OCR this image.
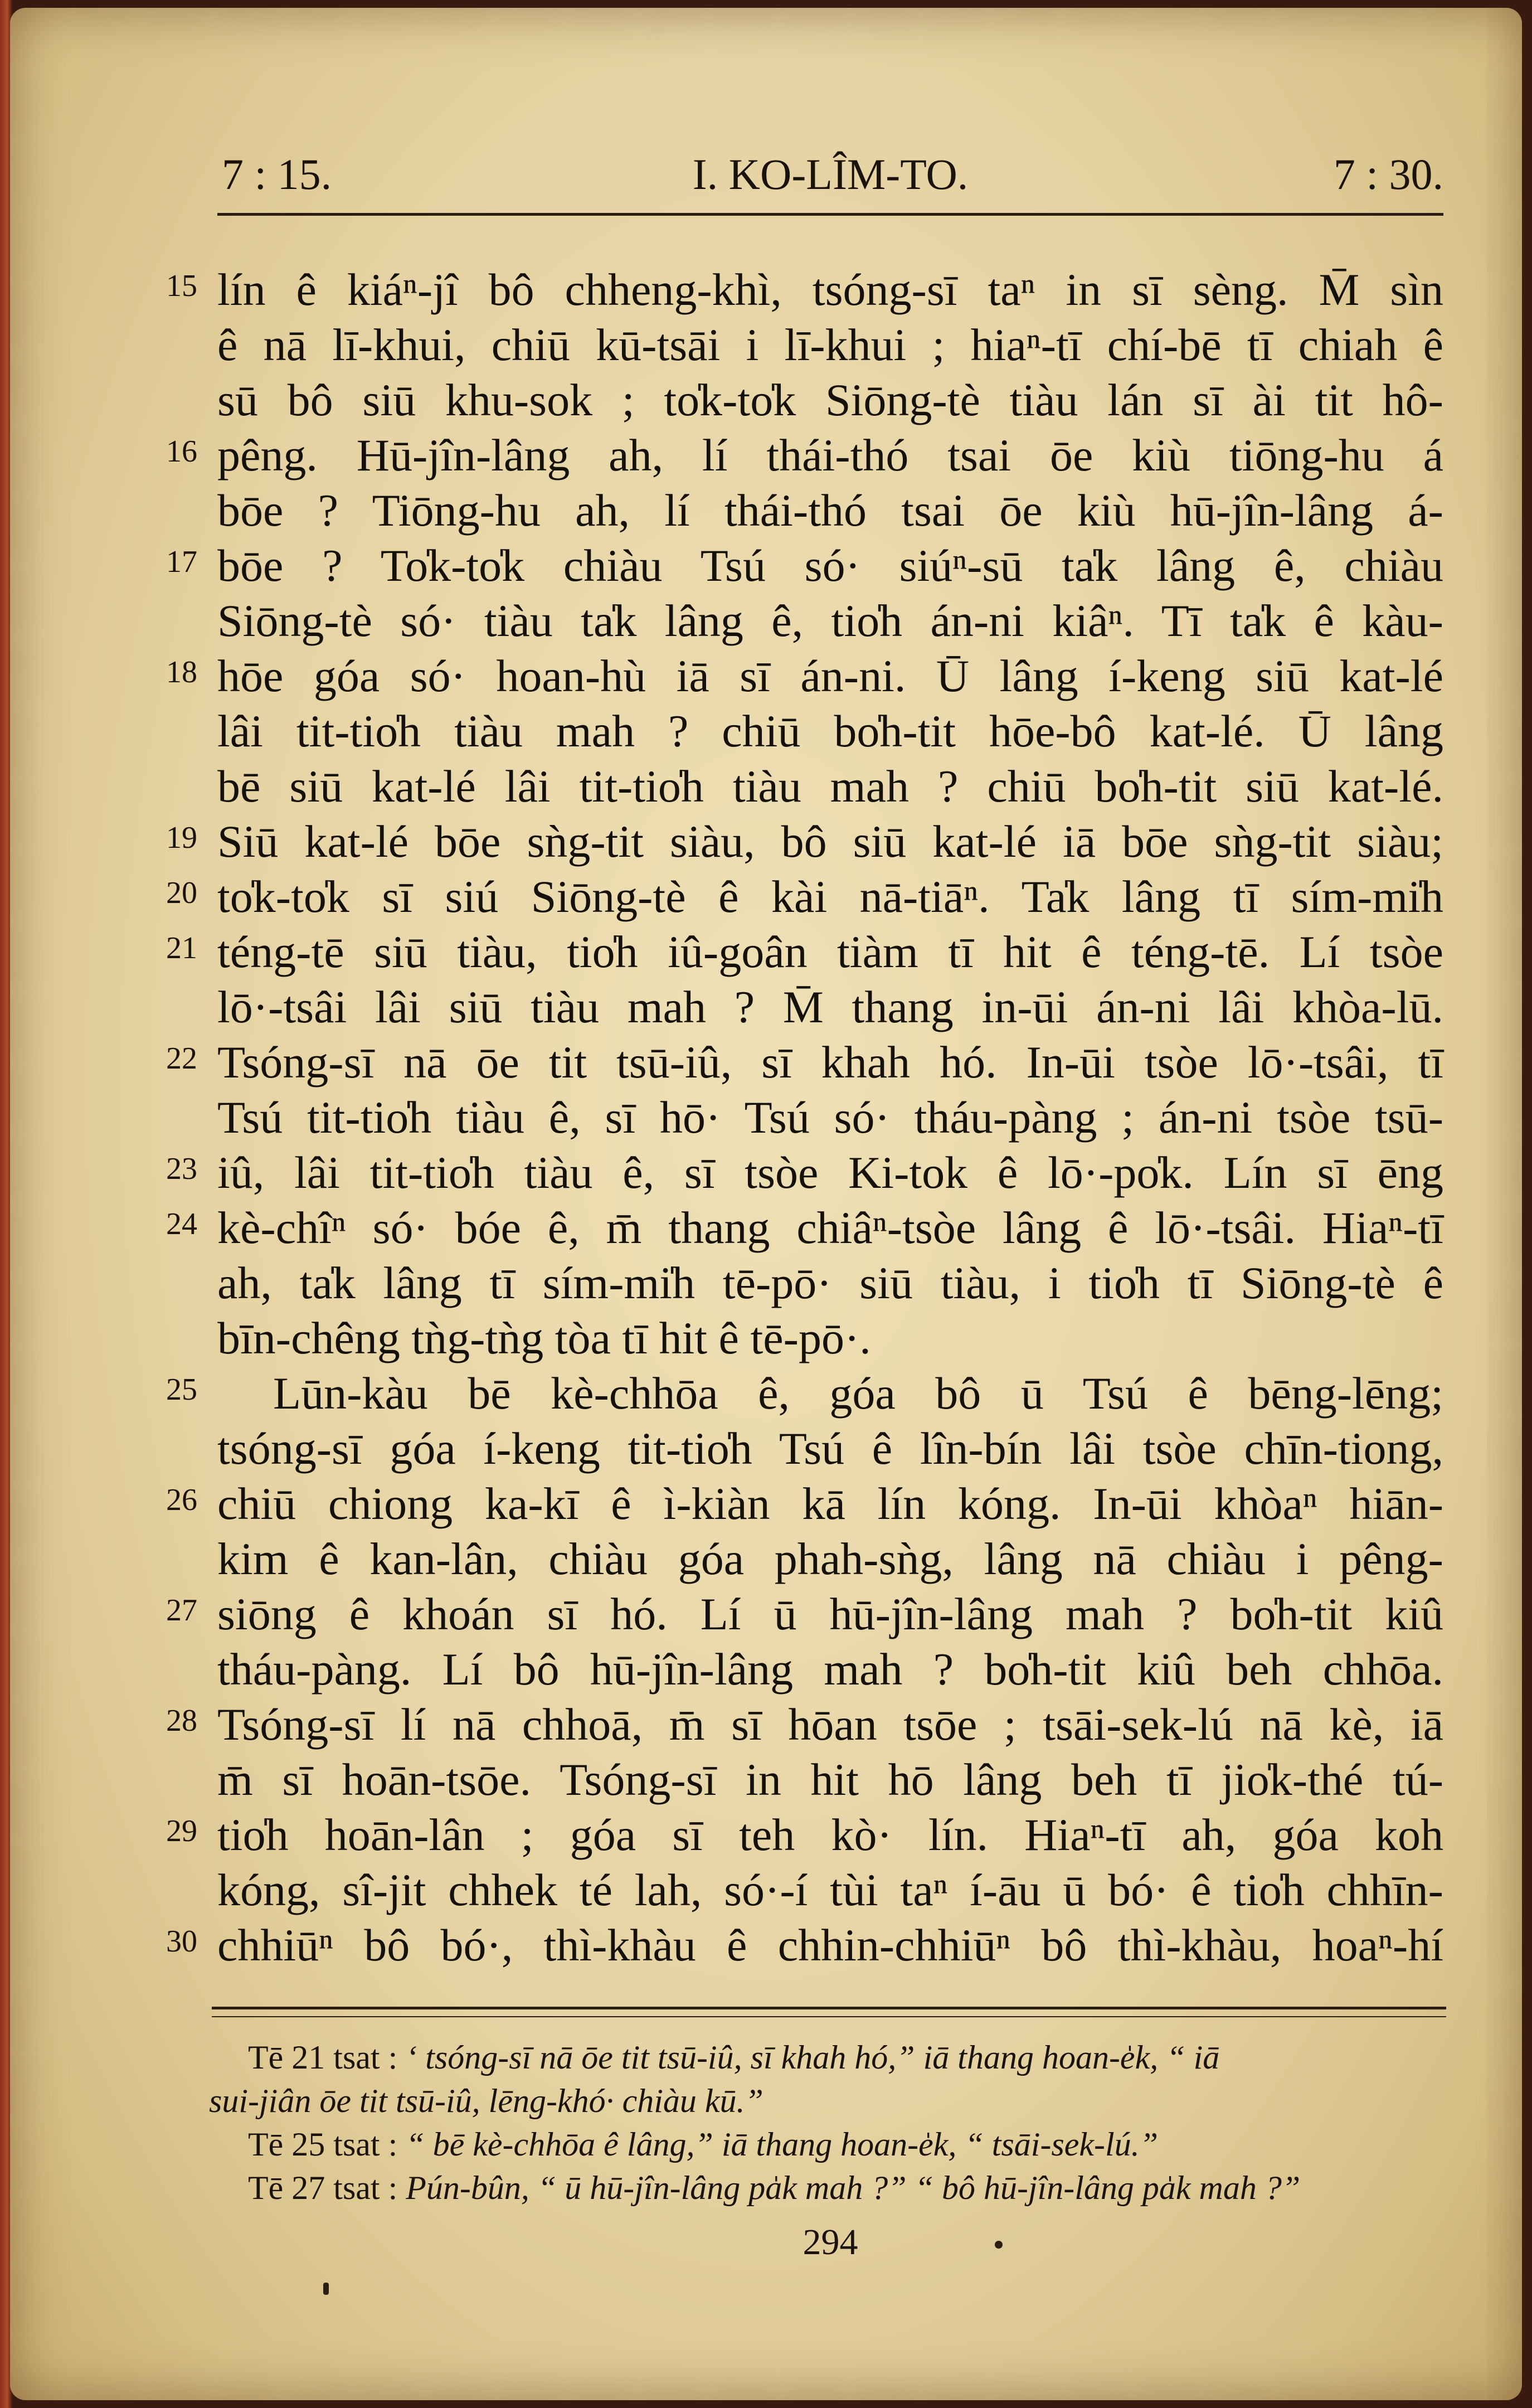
7 : 15.	I. KO-LÎM-TO.	7 : 30.
15 lín ê kiáⁿ-jî bô chheng-khì, tsóng-sī taⁿ in sī sèng. M̄ sìn
ê nā lī-khui, chiū kū-tsāi i lī-khui ; hiaⁿ-tī chí-bē tī chiah ê
sū bô siū khu-sok ; to̍k-to̍k Siōng-tè tiàu lán sī ài tit hô-
16 pêng. Hū-jîn-lâng ah, lí thái-thó tsai ōe kiù tiōng-hu á
bōe ? Tiōng-hu ah, lí thái-thó tsai ōe kiù hū-jîn-lâng á-
17 bōe ? To̍k-to̍k chiàu Tsú só· siúⁿ-sū ta̍k lâng ê, chiàu
Siōng-tè só· tiàu ta̍k lâng ê, tio̍h án-ni kiâⁿ. Tī ta̍k ê kàu-
18 hōe góa só· hoan-hù iā sī án-ni. Ū lâng í-keng siū kat-lé
lâi tit-tio̍h tiàu mah ? chiū bo̍h-tit hōe-bô kat-lé. Ū lâng
bē siū kat-lé lâi tit-tio̍h tiàu mah ? chiū bo̍h-tit siū kat-lé.
19 Siū kat-lé bōe sǹg-tit siàu, bô siū kat-lé iā bōe sǹg-tit siàu;
20 to̍k-to̍k sī siú Siōng-tè ê kài nā-tiāⁿ. Ta̍k lâng tī sím-mi̍h
21 téng-tē siū tiàu, tio̍h iû-goân tiàm tī hit ê téng-tē. Lí tsòe
lō·-tsâi lâi siū tiàu mah ? M̄ thang in-ūi án-ni lâi khòa-lū.
22 Tsóng-sī nā ōe tit tsū-iû, sī khah hó. In-ūi tsòe lō·-tsâi, tī
Tsú tit-tio̍h tiàu ê, sī hō· Tsú só· tháu-pàng ; án-ni tsòe tsū-
23 iû, lâi tit-tio̍h tiàu ê, sī tsòe Ki-tok ê lō·-po̍k. Lín sī ēng
24 kè-chîⁿ só· bóe ê, m̄ thang chiâⁿ-tsòe lâng ê lō·-tsâi. Hiaⁿ-tī
ah, ta̍k lâng tī sím-mi̍h tē-pō· siū tiàu, i tio̍h tī Siōng-tè ê
bīn-chêng tǹg-tǹg tòa tī hit ê tē-pō·.
25 Lūn-kàu bē kè-chhōa ê, góa bô ū Tsú ê bēng-lēng;
tsóng-sī góa í-keng tit-tio̍h Tsú ê lîn-bín lâi tsòe chīn-tiong,
26 chiū chiong ka-kī ê ì-kiàn kā lín kóng. In-ūi khòaⁿ hiān-
kim ê kan-lân, chiàu góa phah-sǹg, lâng nā chiàu i pêng-
27 siōng ê khoán sī hó. Lí ū hū-jîn-lâng mah ? bo̍h-tit kiû
tháu-pàng. Lí bô hū-jîn-lâng mah ? bo̍h-tit kiû beh chhōa.
28 Tsóng-sī lí nā chhoā, m̄ sī hōan tsōe ; tsāi-sek-lú nā kè, iā
m̄ sī hoān-tsōe. Tsóng-sī in hit hō lâng beh tī jio̍k-thé tú-
29 tio̍h hoān-lân ; góa sī teh kò· lín. Hiaⁿ-tī ah, góa koh
kóng, sî-jit chhek té lah, só·-í tùi taⁿ í-āu ū bó· ê tio̍h chhīn-
30 chhiūⁿ bô bó·, thì-khàu ê chhin-chhiūⁿ bô thì-khàu, hoaⁿ-hí
Tē 21 tsat : ‘ tsóng-sī nā ōe tit tsū-iû, sī khah hó,” iā thang hoan-e̍k, “ iā
sui-jiân ōe tit tsū-iû, lēng-khó· chiàu kū.”
Tē 25 tsat : “ bē kè-chhōa ê lâng,” iā thang hoan-e̍k, “ tsāi-sek-lú.”
Tē 27 tsat : Pún-bûn, “ ū hū-jîn-lâng pa̍k mah ?” “ bô hū-jîn-lâng pa̍k mah ?”
294
